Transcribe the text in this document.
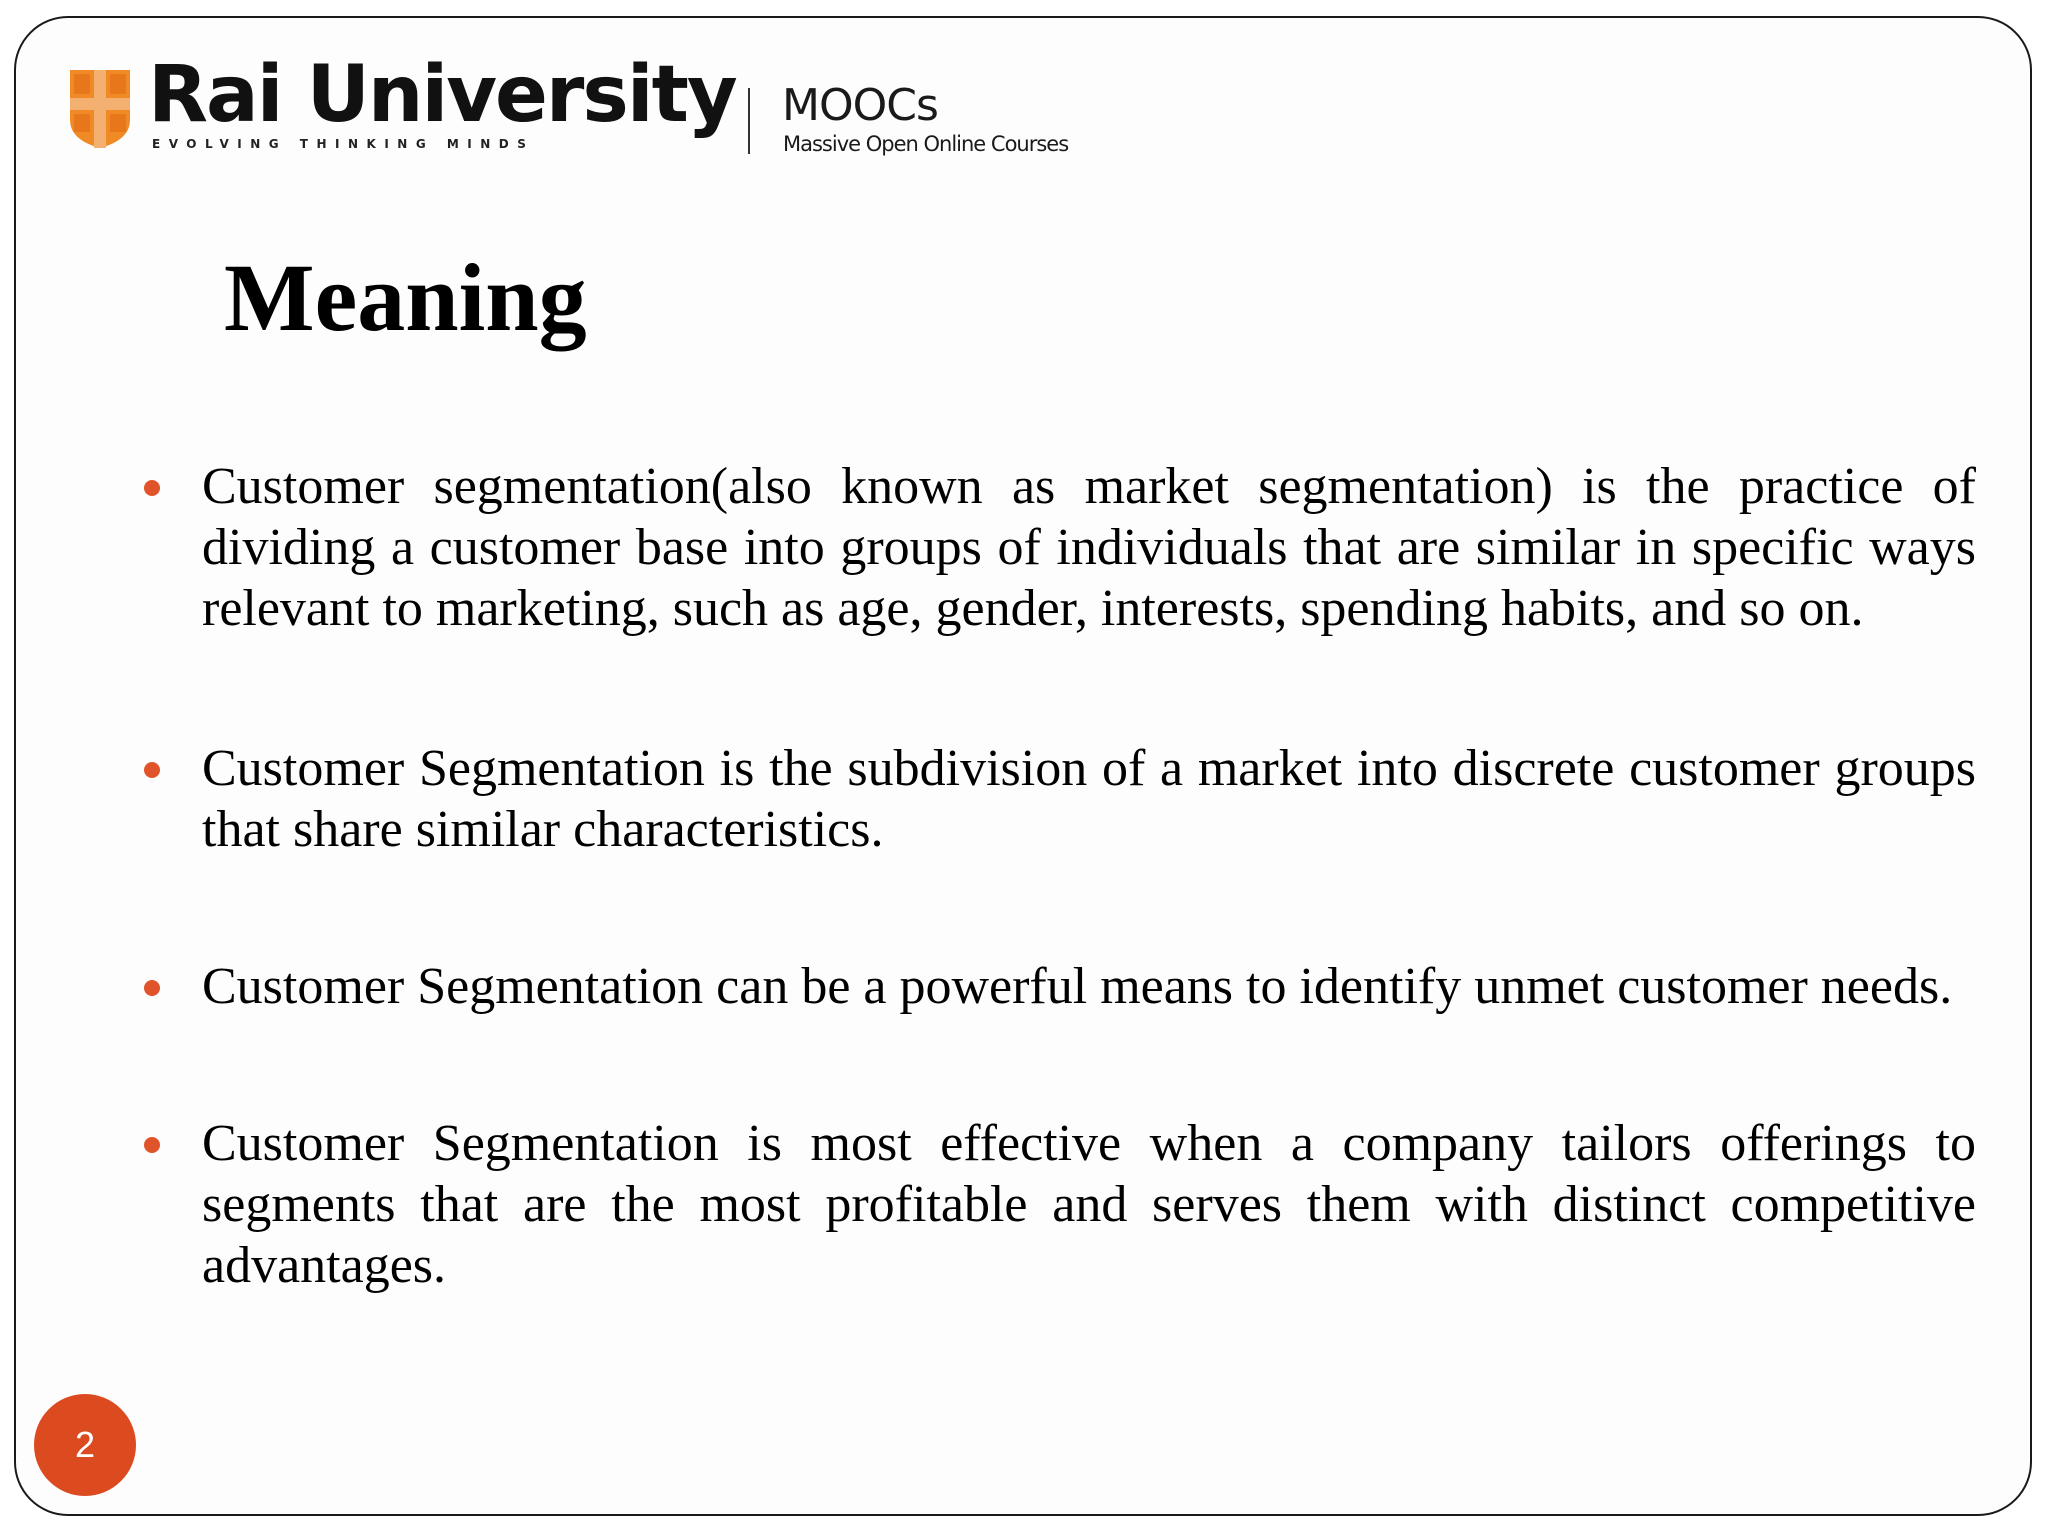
Rai University
EVOLVING THINKING MINDS
MOOCs
Massive Open Online Courses
Meaning
Customer segmentation(also known as market segmentation) is the practice of dividing a customer base into groups of individuals that are similar in specific ways relevant to marketing, such as age, gender, interests, spending habits, and so on.
Customer Segmentation is the subdivision of a market into discrete customer groups that share similar characteristics.
Customer Segmentation can be a powerful means to identify unmet customer needs.
Customer Segmentation is most effective when a company tailors offerings to segments that are the most profitable and serves them with distinct competitive advantages.
2
